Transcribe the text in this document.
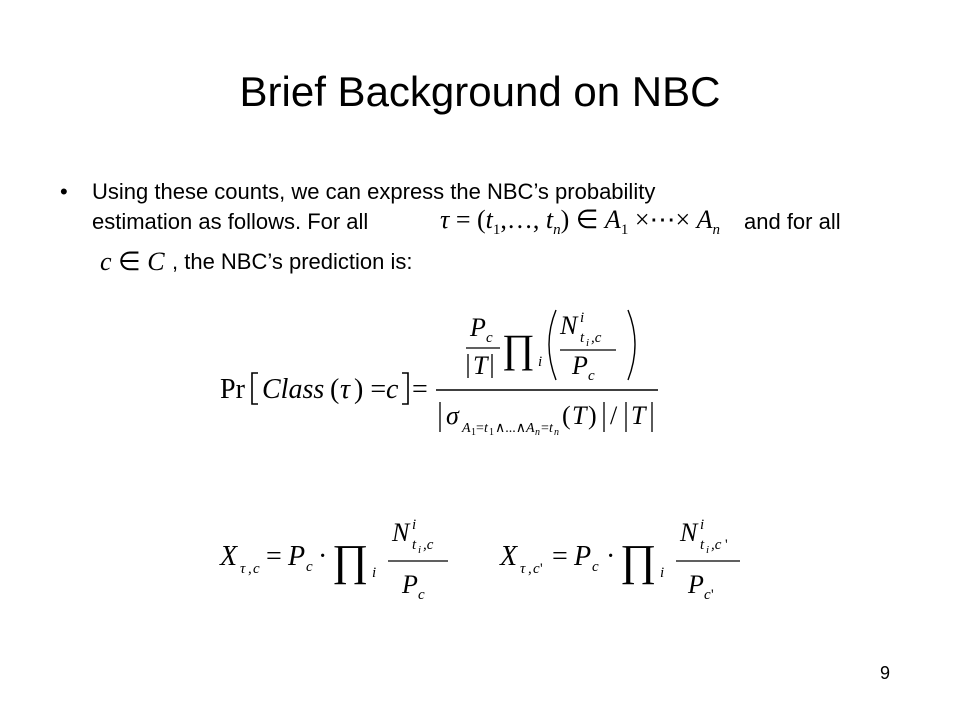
Brief Background on NBC
• Using these counts, we can express the NBC’s probability
estimation as follows. For all	$\tau = (t_1,\dots$, $t_n$) ∈ $A_1$ ×⋯× $A_n$ and for all
c ∈ C , the NBC’s prediction is:
Pr Class ( τ ) = c =
P c
T ∏ i
N i
t i ,c
P c
σ A 1 = t 1 ∧...∧ A n = t n
( T ) / T
X τ , c = P c · ∏ i
N i
t i ,c
P c
X τ , c ' = P c · ∏ i
N i
t i ,c '
P c '
9
